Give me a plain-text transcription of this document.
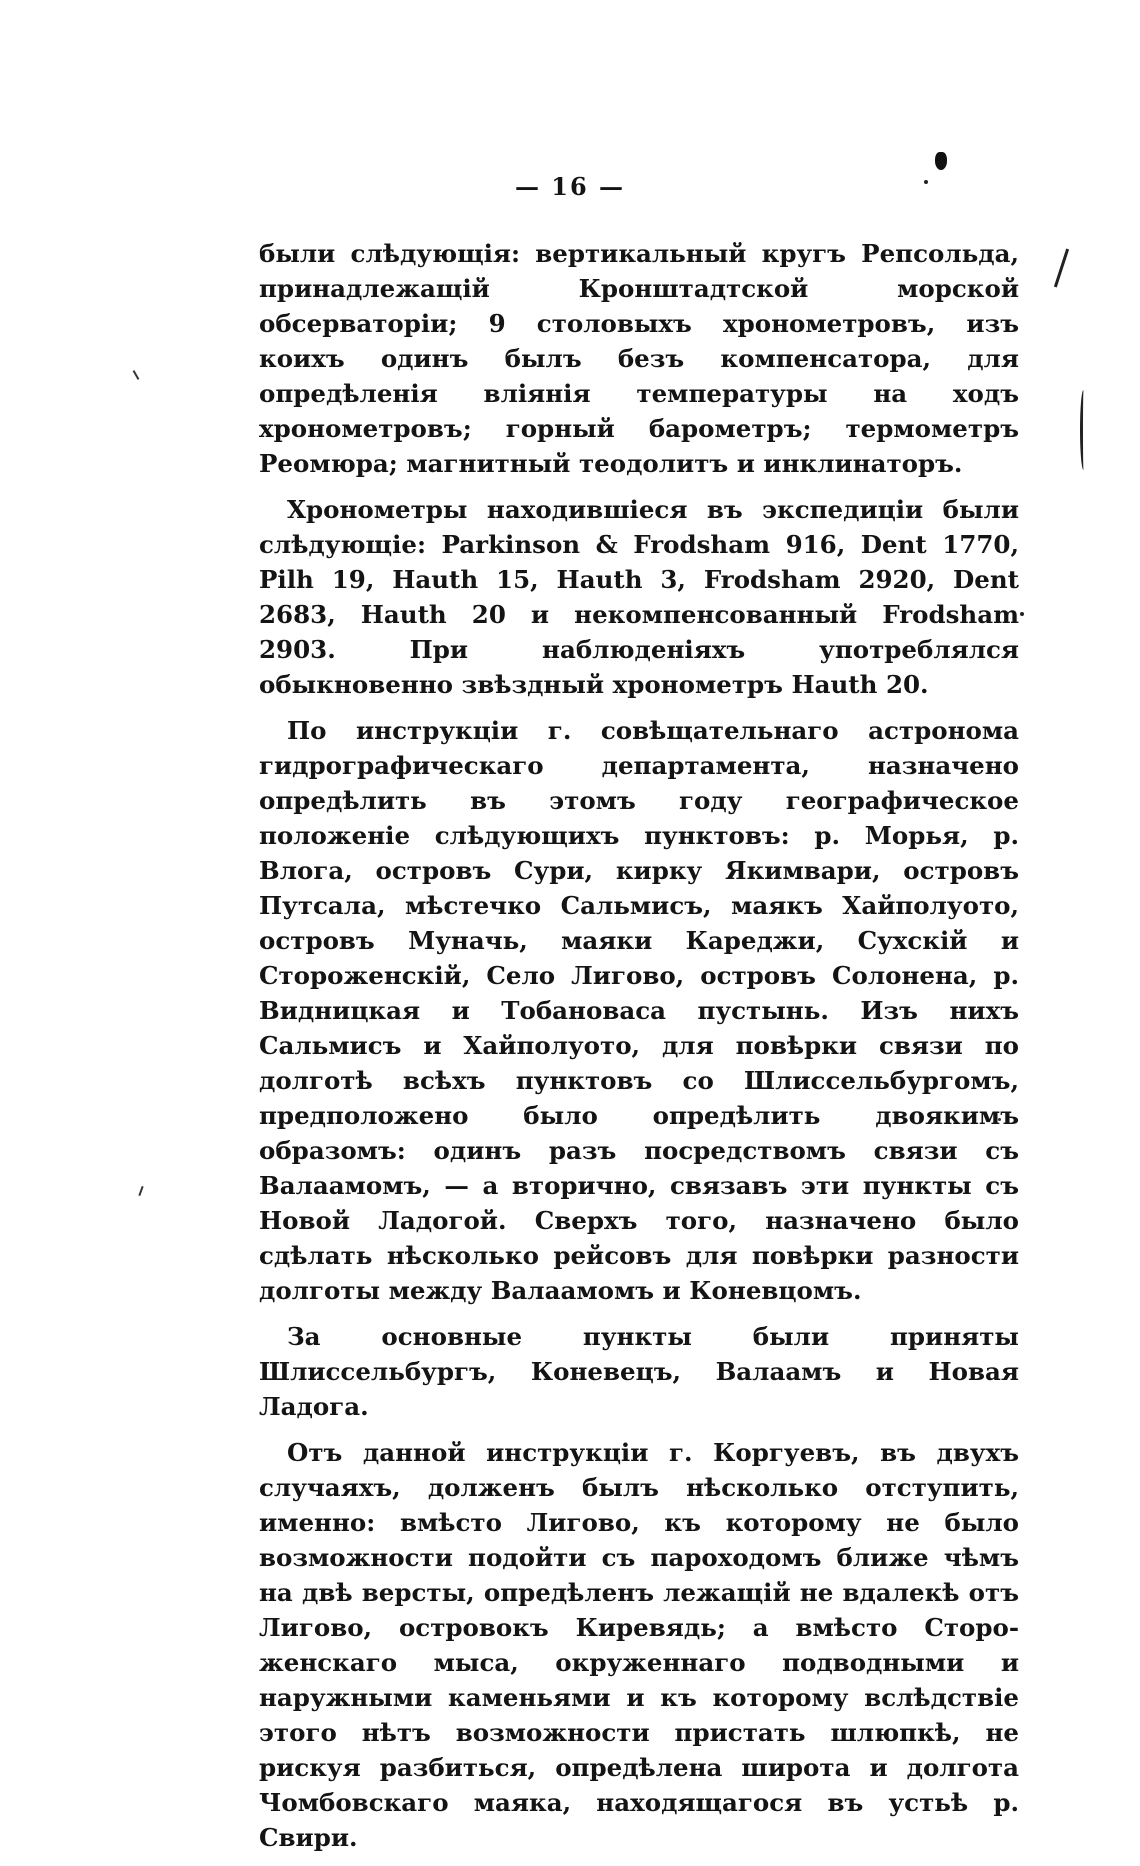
— 16 —

были слѣдующія: вертикальный кругъ Репсольда, принадлежащій Кронштадтской морской обсерваторіи; 9 столовыхъ хронометровъ, изъ коихъ одинъ былъ безъ компенсатора, для опредѣленія вліянія температуры на ходъ хронометровъ; горный барометръ; термометръ Реомюра; магнитный теодолитъ и инклинаторъ.

Хронометры находившiеся въ экспедицiи были слѣдующiе: Parkinson & Frodsham 916, Dent 1770, Pilh 19, Hauth 15, Hauth 3, Frodsham 2920, Dent 2683, Hauth 20 и некомпенсованный Frodsham 2903. При наблюденiяхъ употреблялся обыкновенно звѣздный хронометръ Hauth 20.

По инструкцiи г. совѣщательнаго астронома гидрографическаго департамента, назначено опредѣлить въ этомъ году географическое положенiе слѣдующихъ пунктовъ: р. Морья, р. Влога, островъ Сури, кирку Якимвари, островъ Путсала, мѣстечко Сальмисъ, маякъ Хайполуото, островъ Муначь, маяки Кареджи, Сухскiй и Стороженскiй, Село Лигово, островъ Солонена, р. Видницкая и Тобановаса пустынь. Изъ нихъ Сальмисъ и Хайполуото, для повѣрки связи по долготѣ всѣхъ пунктовъ со Шлиссельбургомъ, предположено было опредѣлить двоякимъ образомъ: одинъ разъ посредствомъ связи съ Валаамомъ, — а вторично, связавъ эти пункты съ Новой Ладогой. Сверхъ того, назначено было сдѣлать нѣсколько рейсовъ для повѣрки разности долготы между Валаамомъ и Коневцомъ.

За основные пункты были приняты Шлиссельбургъ, Коневецъ, Валаамъ и Новая Ладога.

Отъ данной инструкцiи г. Коргуевъ, въ двухъ случаяхъ, долженъ былъ нѣсколько отступить, именно: вмѣсто Лигово, къ которому не было возможности подойти съ пароходомъ ближе чѣмъ на двѣ версты, опредѣленъ лежащiй не вдалекѣ отъ Лигово, островокъ Киревядь; а вмѣсто Стороженскаго мыса, окруженнаго подводными и наружными каменьями и къ которому вслѣдствiе этого нѣтъ возможности пристать шлюпкѣ, не рискуя разбиться, опредѣлена широта и долгота Чомбовскаго маяка, находящагося въ устьѣ р. Свири.
